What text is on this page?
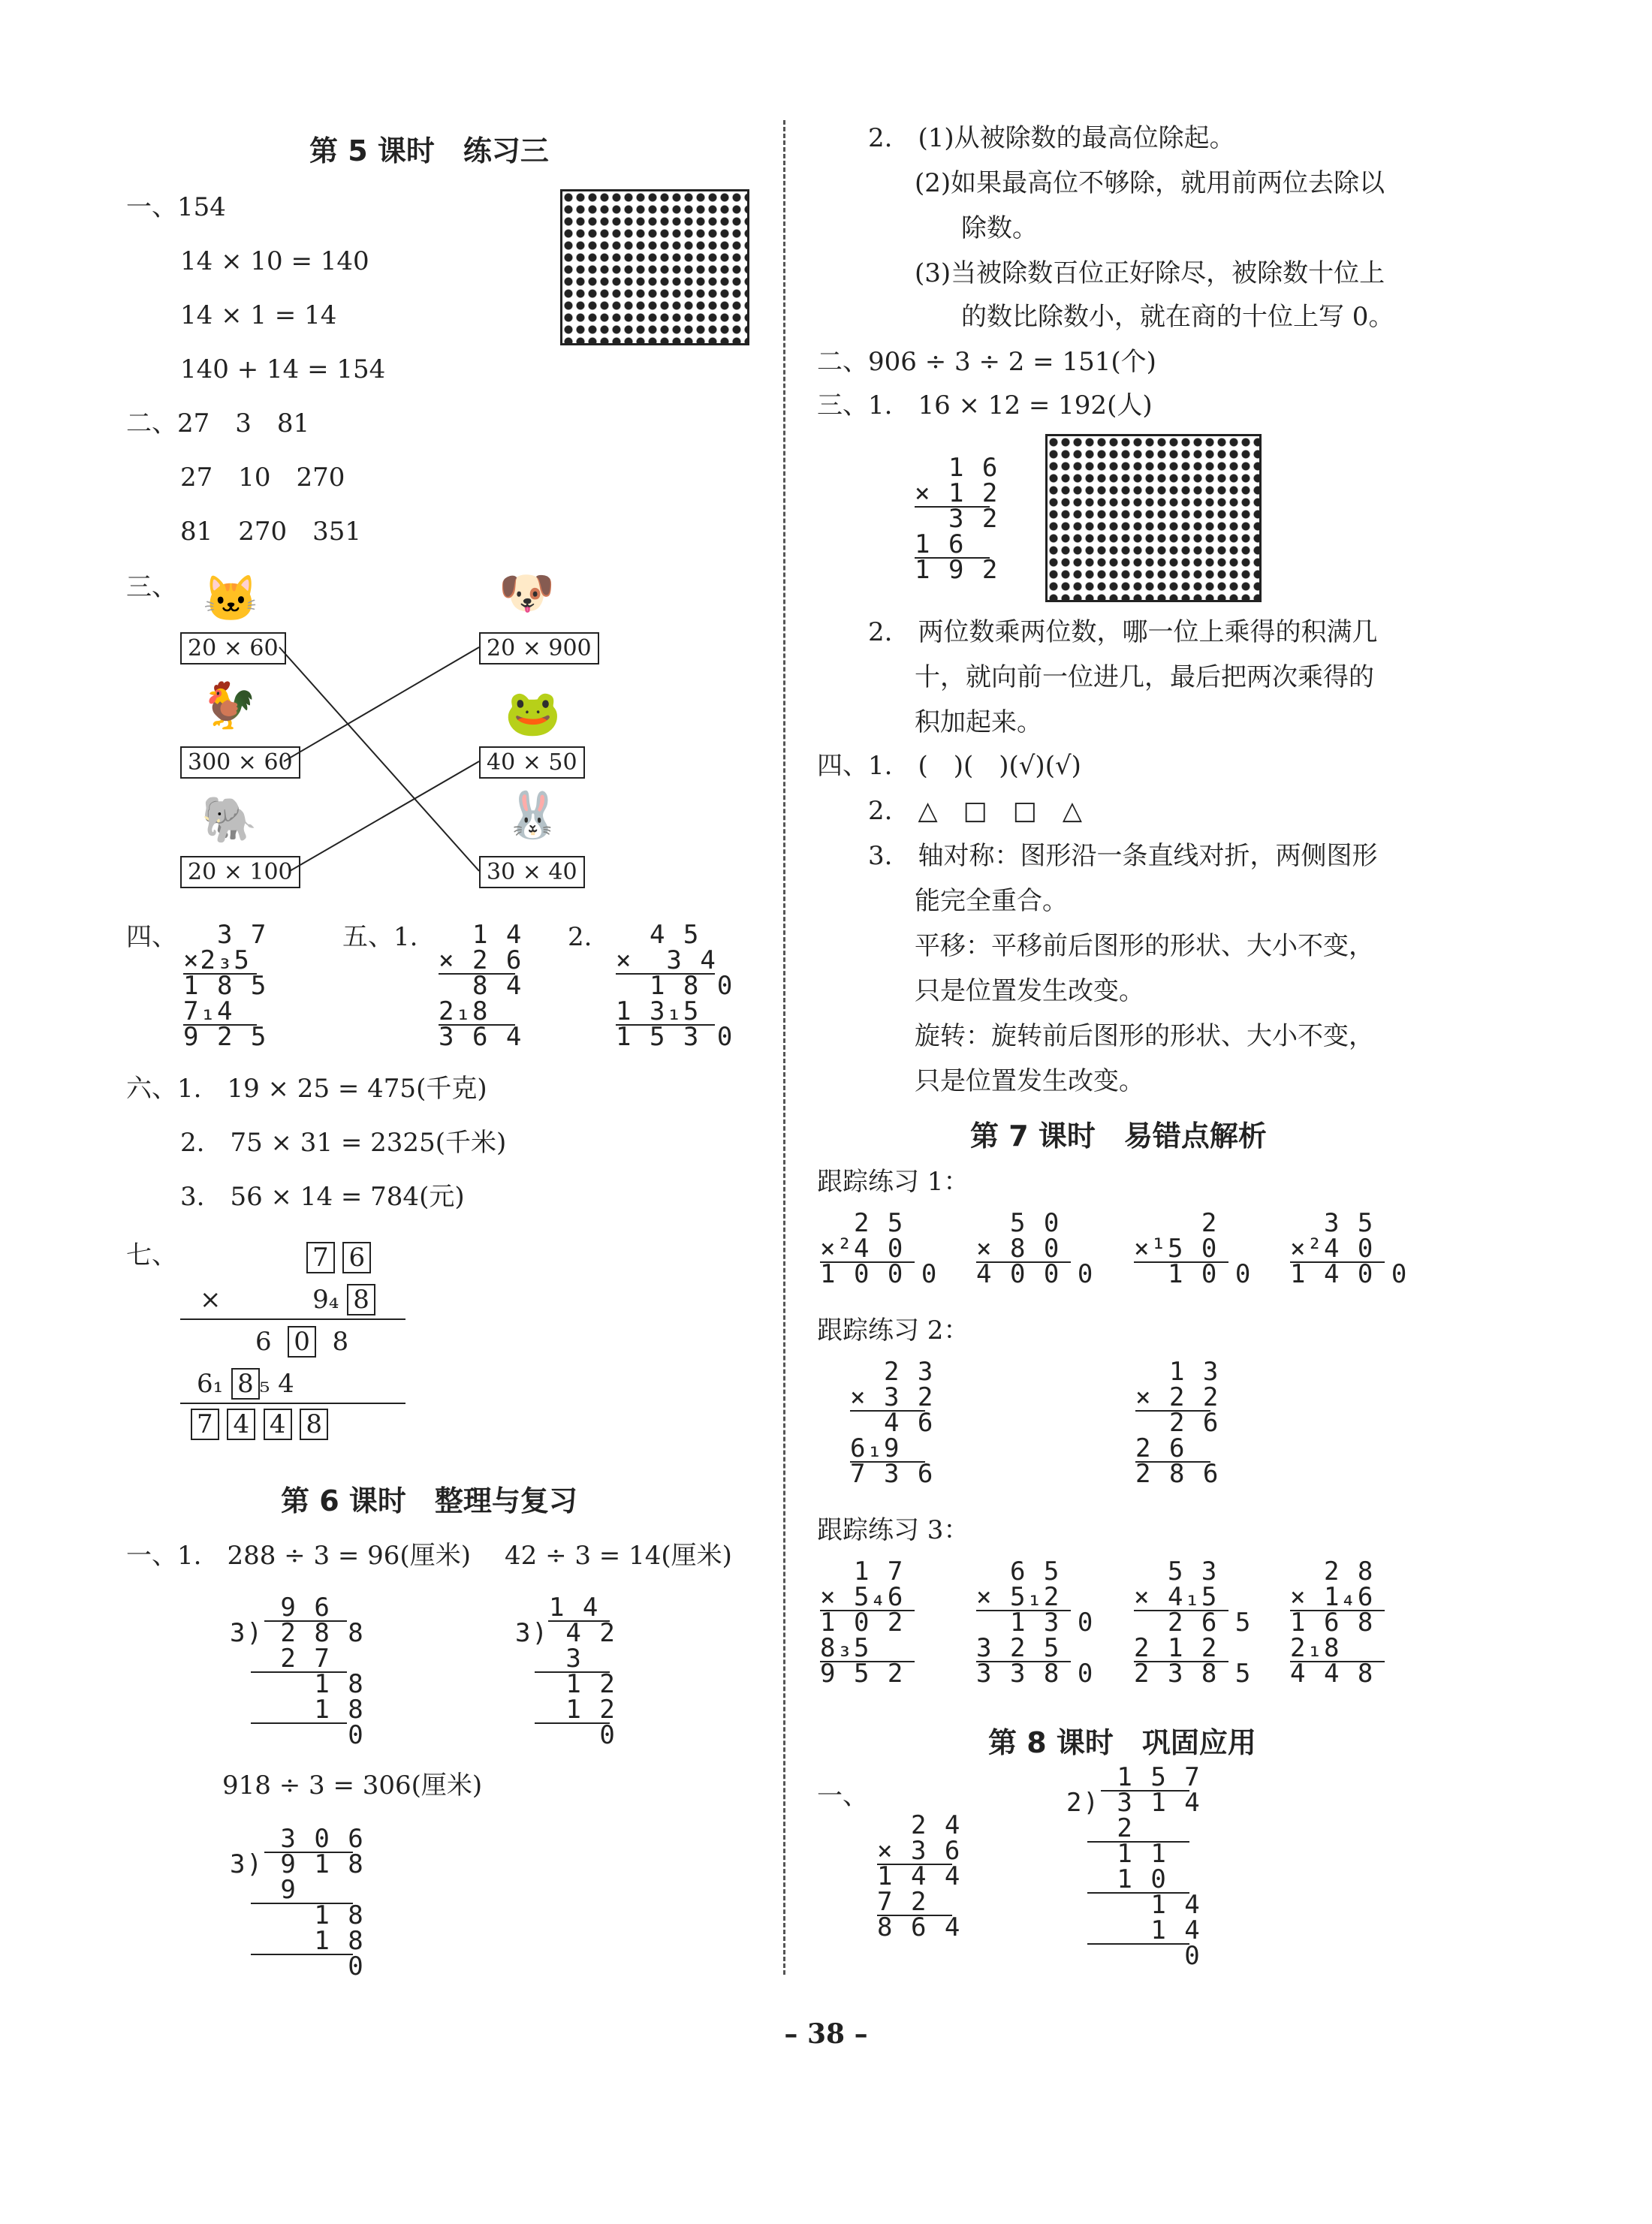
第 5 课时　练习三
一、154
14 × 10 = 140
14 × 1 = 14
140 + 14 = 154
二、27　3　81
27　10　270
81　270　351
三、 🐱
20 × 60
🐓
300 × 60
🐘
20 × 100
🐶
20 × 900
🐸
40 × 50
🐰
30 × 40
四、 3 7
×2₃5
1 8 5
7₁4
9 2 5
五、1. 1 4
× 2 6
8 4
2₁8
3 6 4
2. 4 5
×  3 4
1 8 0
1 3₁5
1 5 3 0
六、1.　19 × 25 = 475(千克)
2.　75 × 31 = 2325(千米)
3.　56 × 14 = 784(元)
七、	7 6
×	9₄ 8
6 0 8
6₁ 8 ₅ 4
7 4 4 8
第 6 课时　整理与复习
一、1.　288 ÷ 3 = 96(厘米) 42 ÷ 3 = 14(厘米)
9 6
3) 2 8 8
2 7
1 8
1 8
0
1 4
3) 4 2
3
1 2
1 2
0
918 ÷ 3 = 306(厘米)
3 0 6
3) 9 1 8
9
1 8
1 8
0
2.　(1)从被除数的最高位除起。
(2)如果最高位不够除，就用前两位去除以
除数。
(3)当被除数百位正好除尽，被除数十位上
的数比除数小，就在商的十位上写 0。
二、906 ÷ 3 ÷ 2 = 151(个)
三、1.　16 × 12 = 192(人)
1 6
× 1 2
3 2
1 6
1 9 2
2.　两位数乘两位数，哪一位上乘得的积满几
十，就向前一位进几，最后把两次乘得的
积加起来。
四、1.　(　)(　)(√)(√)
2.　△　□　□　△
3.　轴对称：图形沿一条直线对折，两侧图形
能完全重合。
平移：平移前后图形的形状、大小不变，
只是位置发生改变。
旋转：旋转前后图形的形状、大小不变，
只是位置发生改变。
第 7 课时　易错点解析
跟踪练习 1：
2 5
×²4 0
1 0 0 0
5 0
× 8 0
4 0 0 0
2
×¹5 0
1 0 0
3 5
×²4 0
1 4 0 0
跟踪练习 2：
2 3
× 3 2
4 6
6₁9
7 3 6
1 3
× 2 2
2 6
2 6
2 8 6
跟踪练习 3：
1 7
× 5₄6
1 0 2
8₃5
9 5 2
6 5
× 5₁2
1 3 0
3 2 5
3 3 8 0
5 3
× 4₁5
2 6 5
2 1 2
2 3 8 5
2 8
× 1₄6
1 6 8
2₁8
4 4 8
第 8 课时　巩固应用
一、
2 4
× 3 6
1 4 4
7 2
8 6 4
1 5 7
2) 3 1 4
2
1 1
1 0
1 4
1 4
0
– 38 –
